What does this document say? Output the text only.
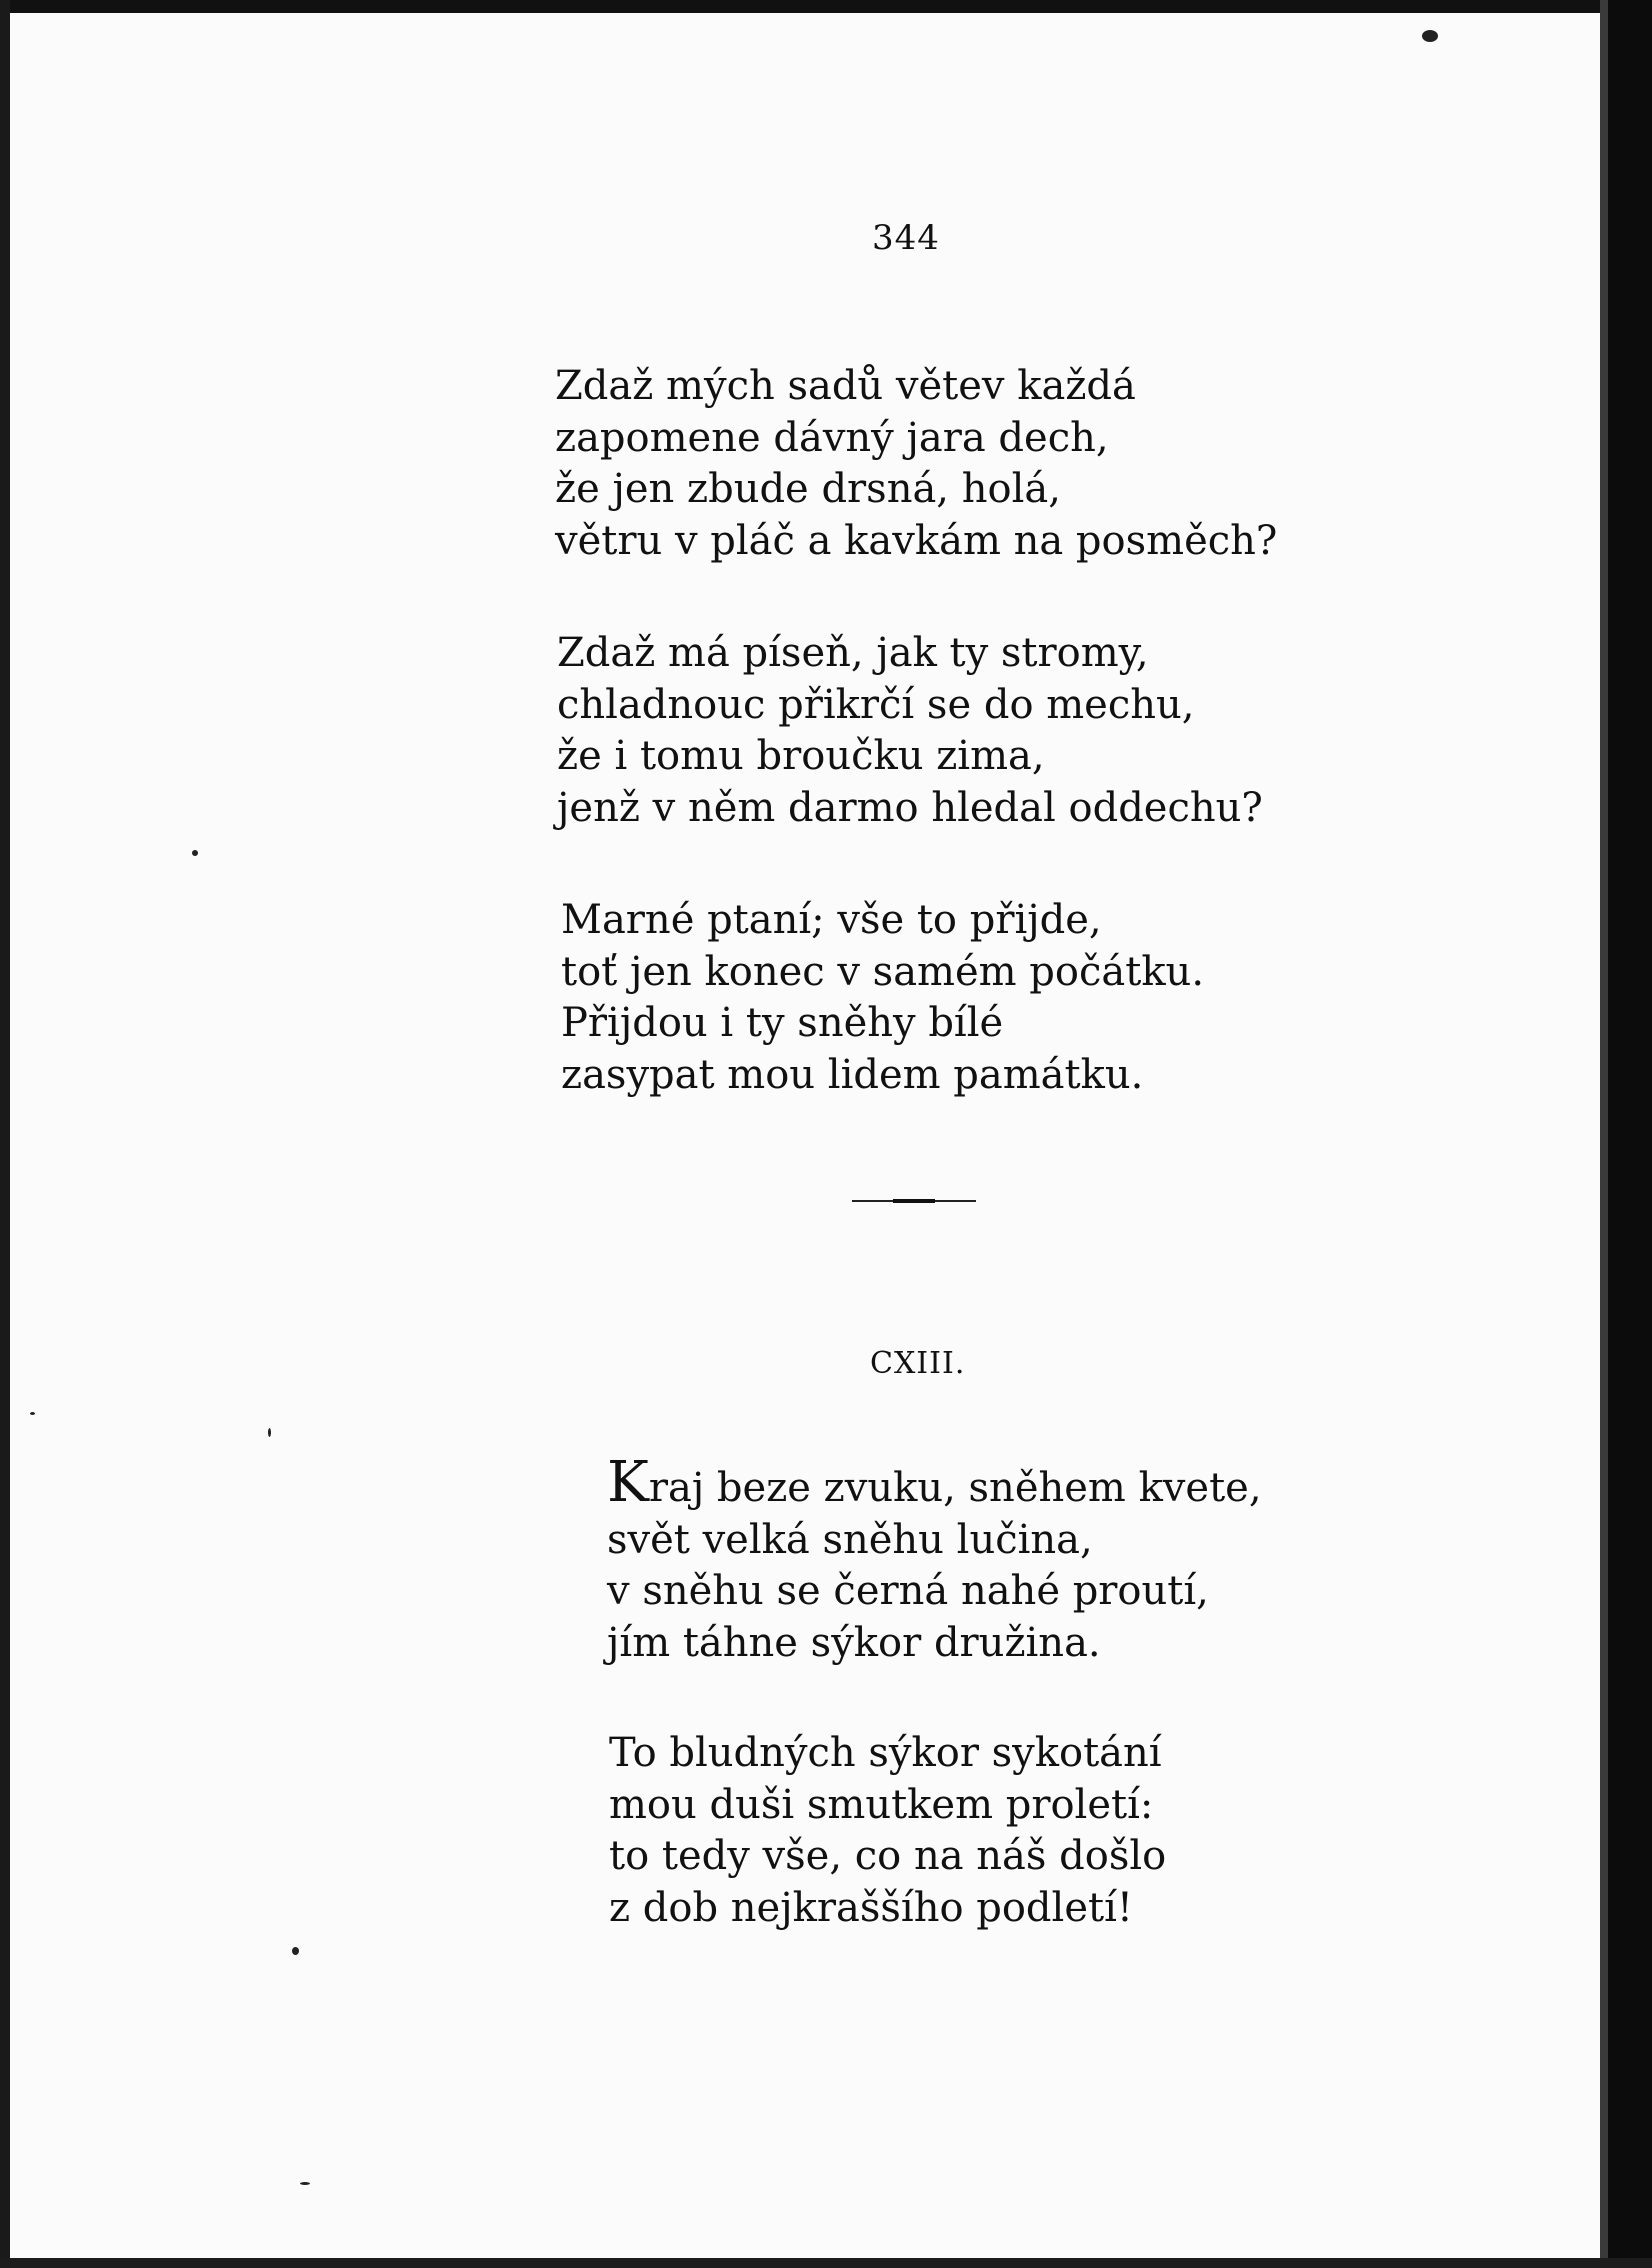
344
Zdaž mých sadů větev každá
zapomene dávný jara dech,
že jen zbude drsná, holá,
větru v pláč a kavkám na posměch?
Zdaž má píseň, jak ty stromy,
chladnouc přikrčí se do mechu,
že i tomu broučku zima,
jenž v něm darmo hledal oddechu?
Marné ptaní; vše to přijde,
toť jen konec v samém počátku.
Přijdou i ty sněhy bílé
zasypat mou lidem památku.
CXIII.
Kraj beze zvuku, sněhem kvete,
svět velká sněhu lučina,
v sněhu se černá nahé proutí,
jím táhne sýkor družina.
To bludných sýkor sykotání
mou duši smutkem proletí:
to tedy vše, co na náš došlo
z dob nejkraššího podletí!
